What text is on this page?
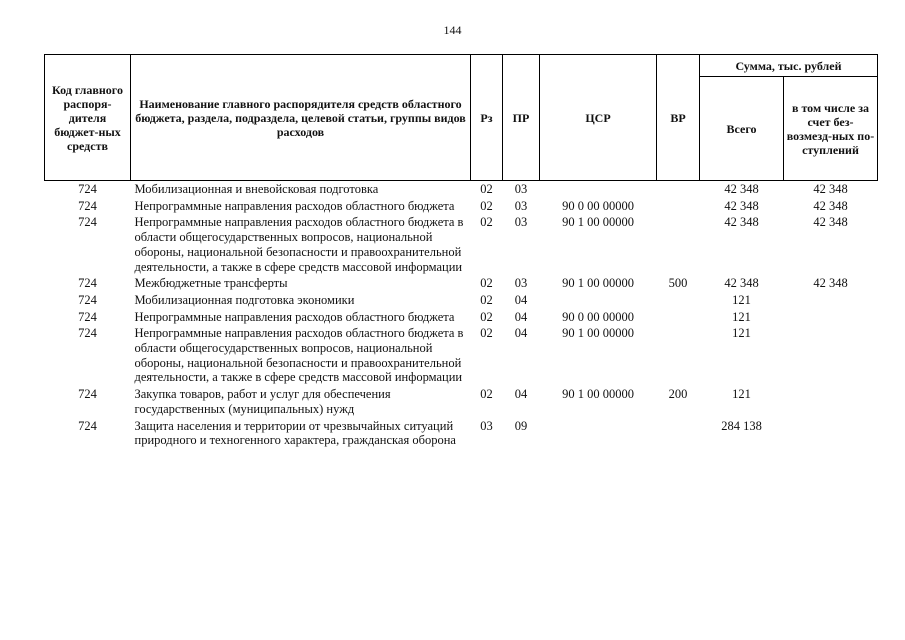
144
Код главного распоря-дителя бюджет-ных средств	Наименование главного распорядителя средств областного бюджета, раздела, подраздела, целевой статьи, группы видов расходов	Рз	ПР	ЦСР	ВР	Сумма, тыс. рублей	
						Всего	в том числе за счет без-возмезд-ных по-ступлений
724	Мобилизационная и вневойсковая подготовка	02	03			42 348	42 348
724	Непрограммные направления расходов областного бюджета	02	03	90 0 00 00000		42 348	42 348
724	Непрограммные направления расходов областного бюджета в области общегосударственных вопросов, национальной обороны, национальной безопасности и правоохранительной деятельности, а также в сфере средств массовой информации	02	03	90 1 00 00000		42 348	42 348
724	Межбюджетные трансферты	02	03	90 1 00 00000	500	42 348	42 348
724	Мобилизационная подготовка экономики	02	04			121	
724	Непрограммные направления расходов областного бюджета	02	04	90 0 00 00000		121	
724	Непрограммные направления расходов областного бюджета в области общегосударственных вопросов, национальной обороны, национальной безопасности и правоохранительной деятельности, а также в сфере средств массовой информации	02	04	90 1 00 00000		121	
724	Закупка товаров, работ и услуг для обеспечения государственных (муниципальных) нужд	02	04	90 1 00 00000	200	121	
724	Защита населения и территории от чрезвычайных ситуаций природного и техногенного характера, гражданская оборона	03	09			284 138	
